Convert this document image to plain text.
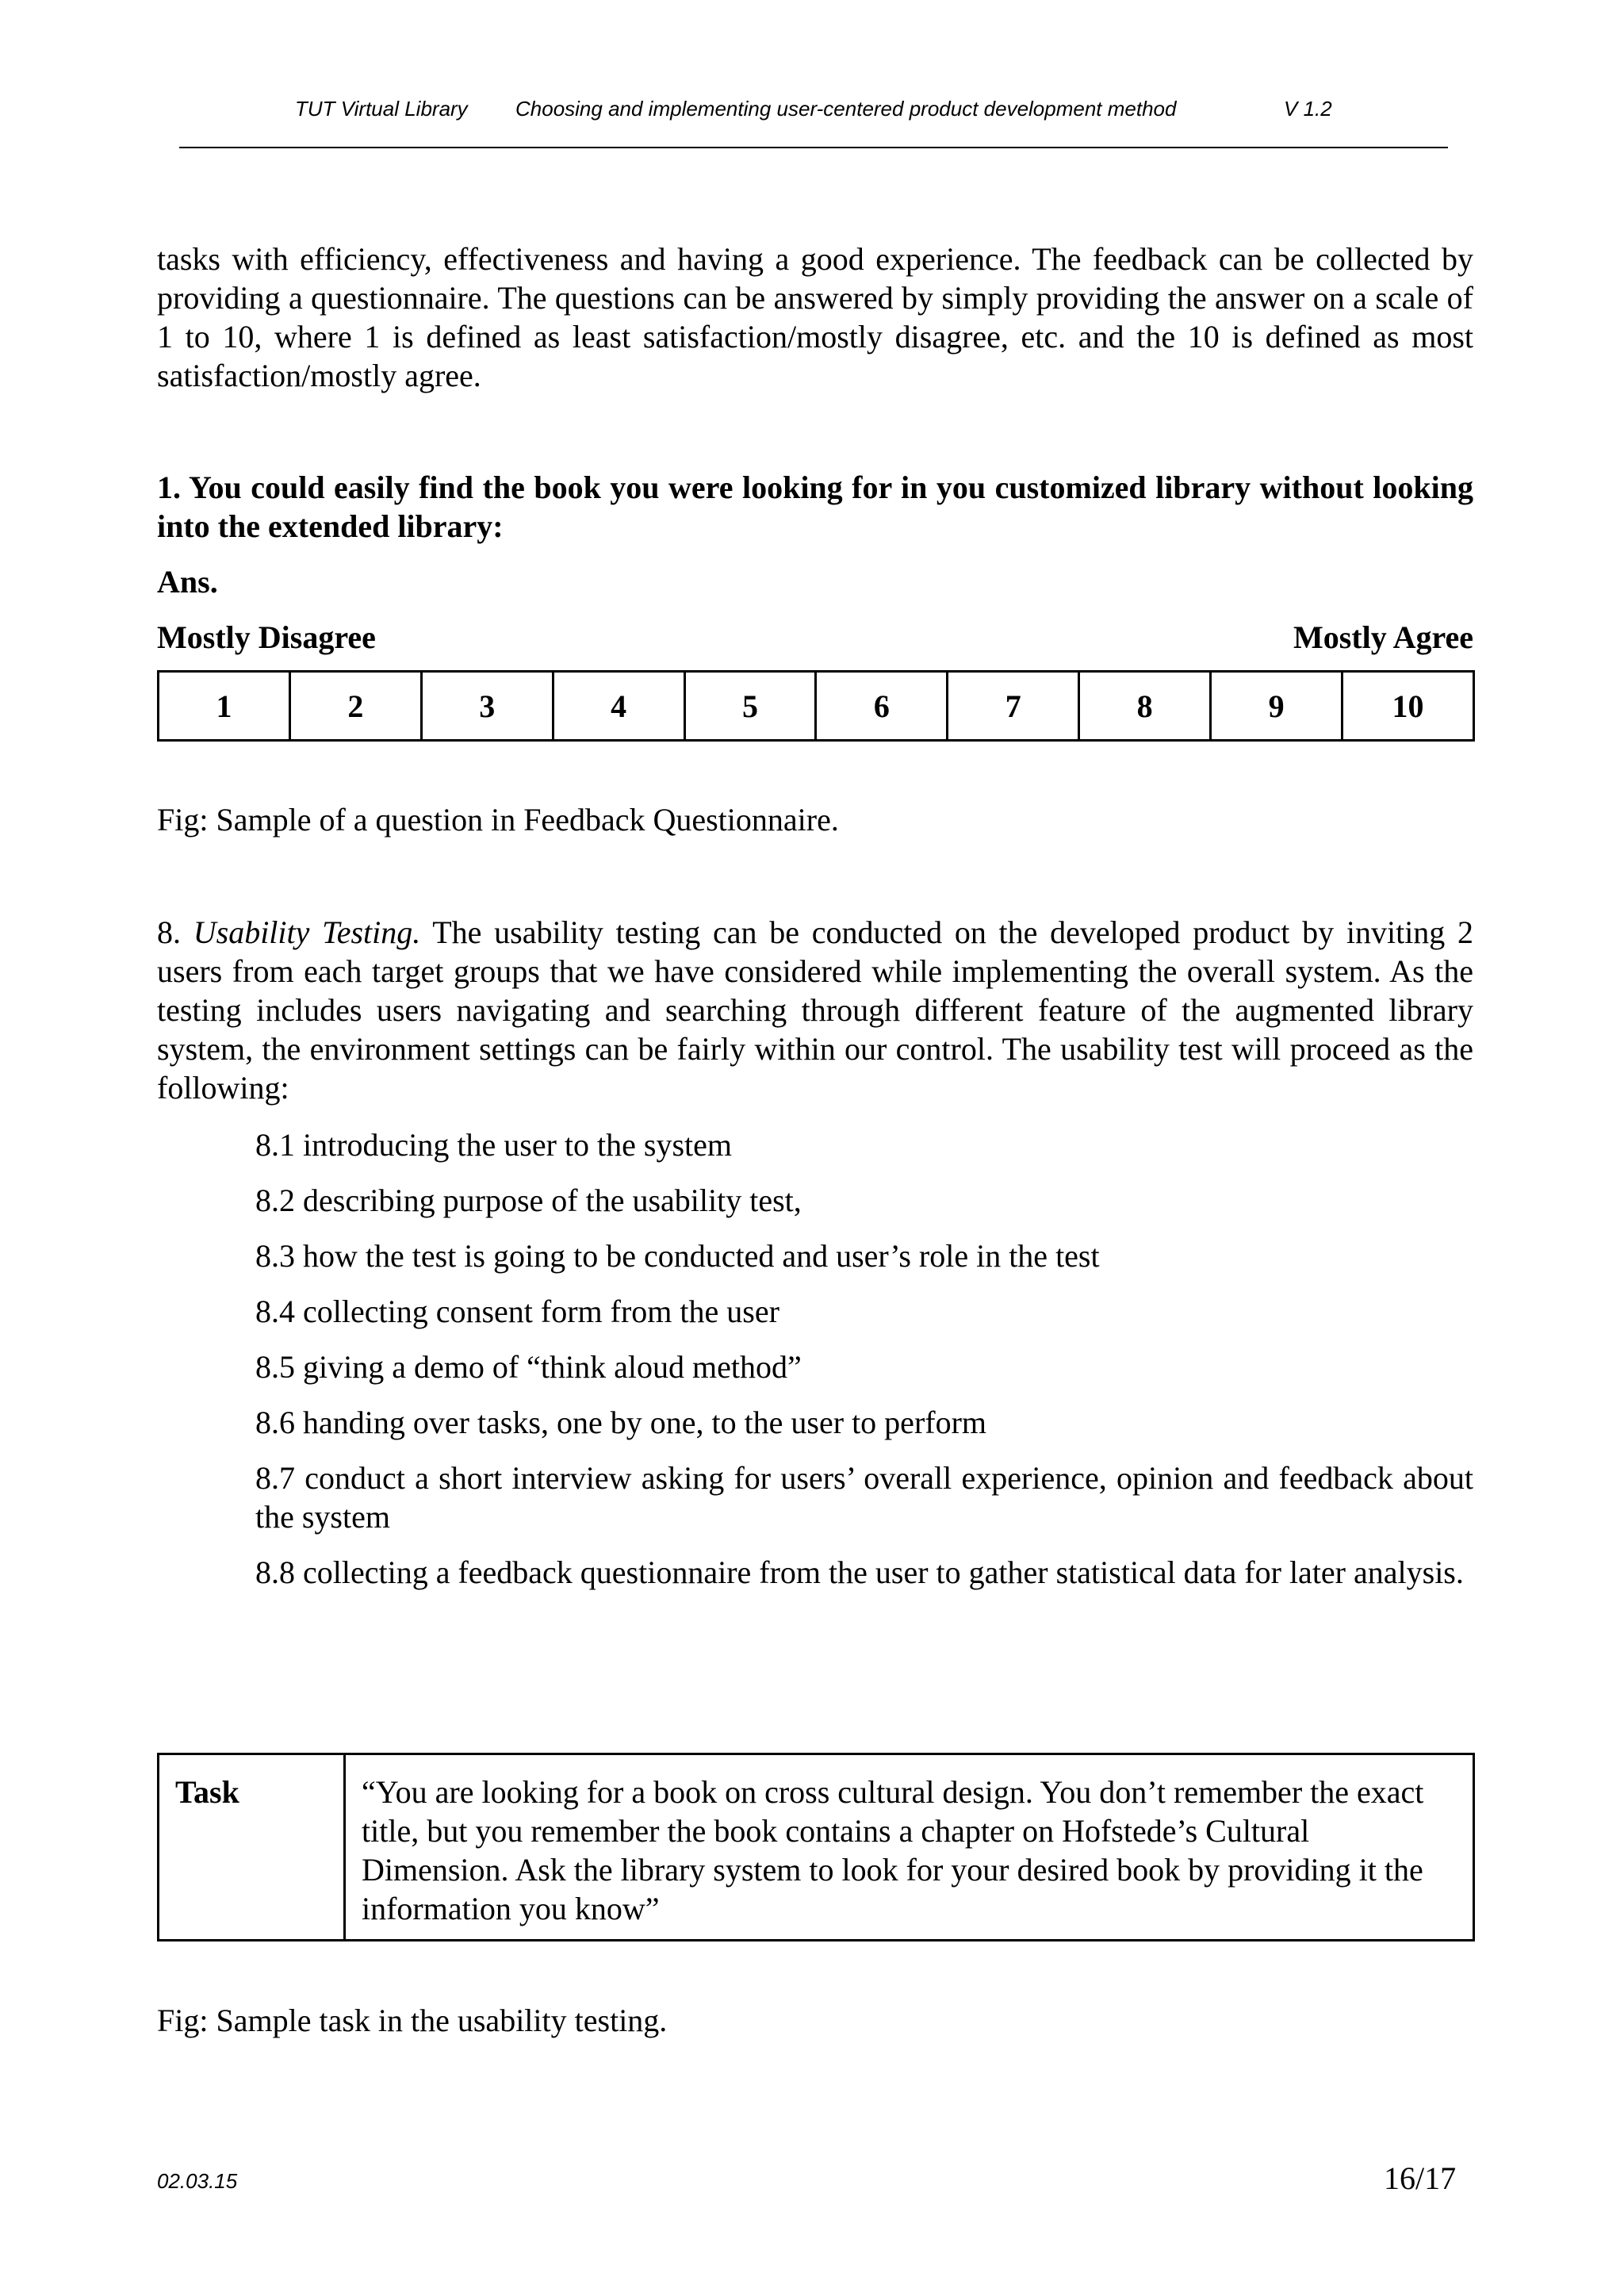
TUT Virtual Library Choosing and implementing user-centered product development method	V 1.2
tasks with efficiency, effectiveness and having a good experience. The feedback can be collected by providing a questionnaire. The questions can be answered by simply providing the answer on a scale of 1 to 10, where 1 is defined as least satisfaction/mostly disagree, etc. and the 10 is defined as most satisfaction/mostly agree.
1. You could easily find the book you were looking for in you customized library without looking into the extended library:
Ans.
Mostly Disagree	Mostly Agree
1	2	3	4	5	6	7	8	9	10
Fig: Sample of a question in Feedback Questionnaire.
8. Usability Testing. The usability testing can be conducted on the developed product by inviting 2 users from each target groups that we have considered while implementing the overall system. As the testing includes users navigating and searching through different feature of the augmented library system, the environment settings can be fairly within our control. The usability test will proceed as the following:
8.1 introducing the user to the system
8.2 describing purpose of the usability test,
8.3 how the test is going to be conducted and user’s role in the test
8.4 collecting consent form from the user
8.5 giving a demo of “think aloud method”
8.6 handing over tasks, one by one, to the user to perform
8.7 conduct a short interview asking for users’ overall experience, opinion and feedback about the system
8.8 collecting a feedback questionnaire from the user to gather statistical data for later analysis.
Task	“You are looking for a book on cross cultural design. You don’t remember the exact title, but you remember the book contains a chapter on Hofstede’s Cultural Dimension. Ask the library system to look for your desired book by providing it the information you know”
Fig: Sample task in the usability testing.
02.03.15	16/17
